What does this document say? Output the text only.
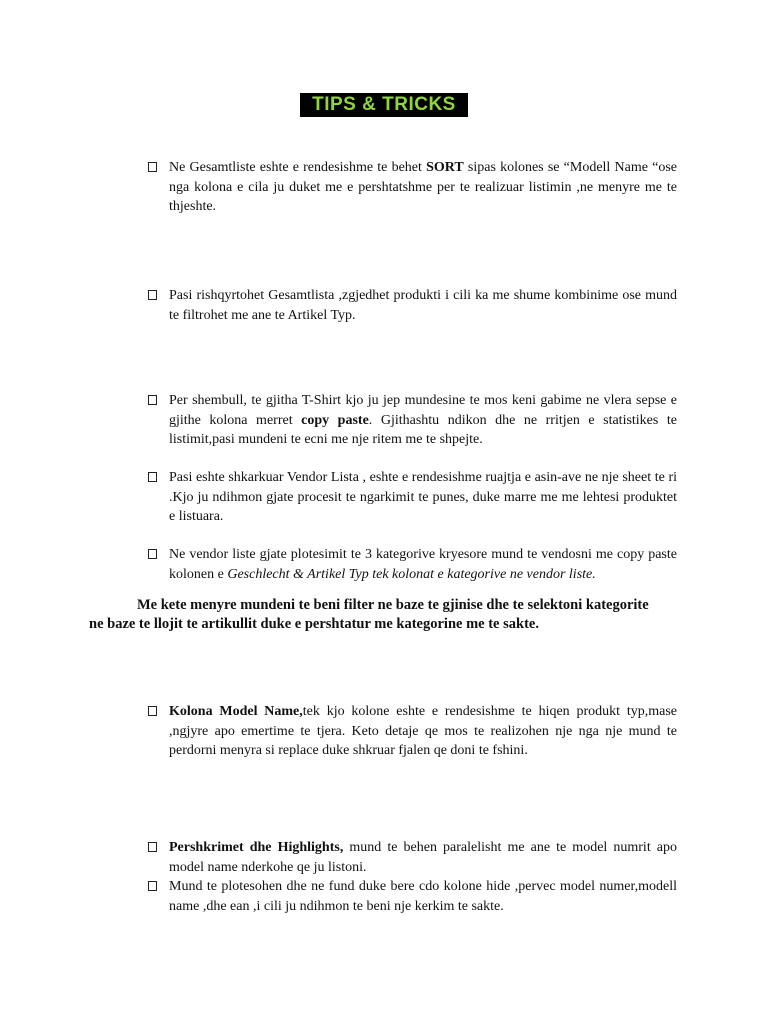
TIPS & TRICKS
Ne Gesamtliste eshte e rendesishme te behet SORT sipas kolones se “Modell Name “ose nga kolona e cila ju duket me e pershtatshme per te realizuar listimin ,ne menyre me te thjeshte.
Pasi rishqyrtohet Gesamtlista ,zgjedhet produkti i cili ka me shume kombinime ose mund te filtrohet me ane te Artikel Typ.
Per shembull, te gjitha T-Shirt kjo ju jep mundesine te mos keni gabime ne vlera sepse e gjithe kolona merret copy paste. Gjithashtu ndikon dhe ne rritjen e statistikes te listimit,pasi mundeni te ecni me nje ritem me te shpejte.
Pasi eshte shkarkuar Vendor Lista , eshte e rendesishme ruajtja e asin-ave ne nje sheet te ri .Kjo ju ndihmon gjate procesit te ngarkimit te punes, duke marre me me lehtesi produktet e listuara.
Ne vendor liste gjate plotesimit te 3 kategorive kryesore mund te vendosni me copy paste kolonen e Geschlecht & Artikel Typ tek kolonat e kategorive ne vendor liste.
Me kete menyre mundeni te beni filter ne baze te gjinise dhe te selektoni kategorite
ne baze te llojit te artikullit duke e pershtatur me kategorine me te sakte.
Kolona Model Name,tek kjo kolone eshte e rendesishme te hiqen produkt typ,mase ,ngjyre apo emertime te tjera. Keto detaje qe mos te realizohen nje nga nje mund te perdorni menyra si replace duke shkruar fjalen qe doni te fshini.
Pershkrimet dhe Highlights, mund te behen paralelisht me ane te model numrit apo model name nderkohe qe ju listoni.
Mund te plotesohen dhe ne fund duke bere cdo kolone hide ,pervec model numer,modell name ,dhe ean ,i cili ju ndihmon te beni nje kerkim te sakte.
